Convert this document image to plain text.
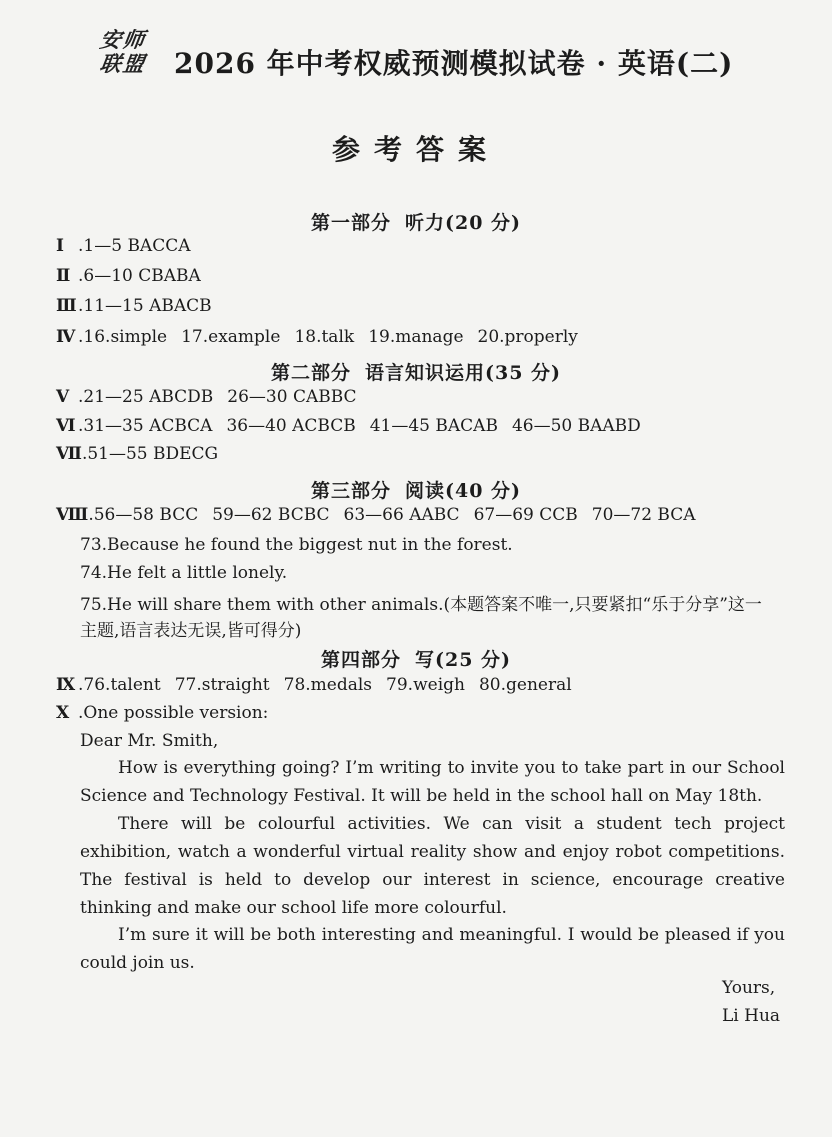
安师
联盟 2026 年中考权威预测模拟试卷 · 英语(二)
参考答案
第一部分 听力(20 分)
Ⅰ .1—5 BACCA
Ⅱ .6—10 CBABA
Ⅲ.11—15 ABACB
Ⅳ .16.simple 17.example 18.talk 19.manage 20.properly
第二部分 语言知识运用(35 分)
Ⅴ .21—25 ABCDB 26—30 CABBC
Ⅵ .31—35 ACBCA 36—40 ACBCB 41—45 BACAB 46—50 BAABD
Ⅶ.51—55 BDECG
第三部分 阅读(40 分)
Ⅷ.56—58 BCC 59—62 BCBC 63—66 AABC 67—69 CCB 70—72 BCA
73.Because he found the biggest nut in the forest.
74.He felt a little lonely.
75.He will share them with other animals.(本题答案不唯一,只要紧扣“乐于分享”这一
主题,语言表达无误,皆可得分)
第四部分 写(25 分)
Ⅸ .76.talent 77.straight 78.medals 79.weigh 80.general
Ⅹ .One possible version:
Dear Mr. Smith,
How is everything going? I’m writing to invite you to take part in our School Science and Technology Festival. It will be held in the school hall on May 18th.
There will be colourful activities. We can visit a student tech project exhibition, watch a wonderful virtual reality show and enjoy robot competitions. The festival is held to develop our interest in science, encourage creative thinking and make our school life more colourful.
I’m sure it will be both interesting and meaningful. I would be pleased if you could join us.
Yours,
Li Hua
